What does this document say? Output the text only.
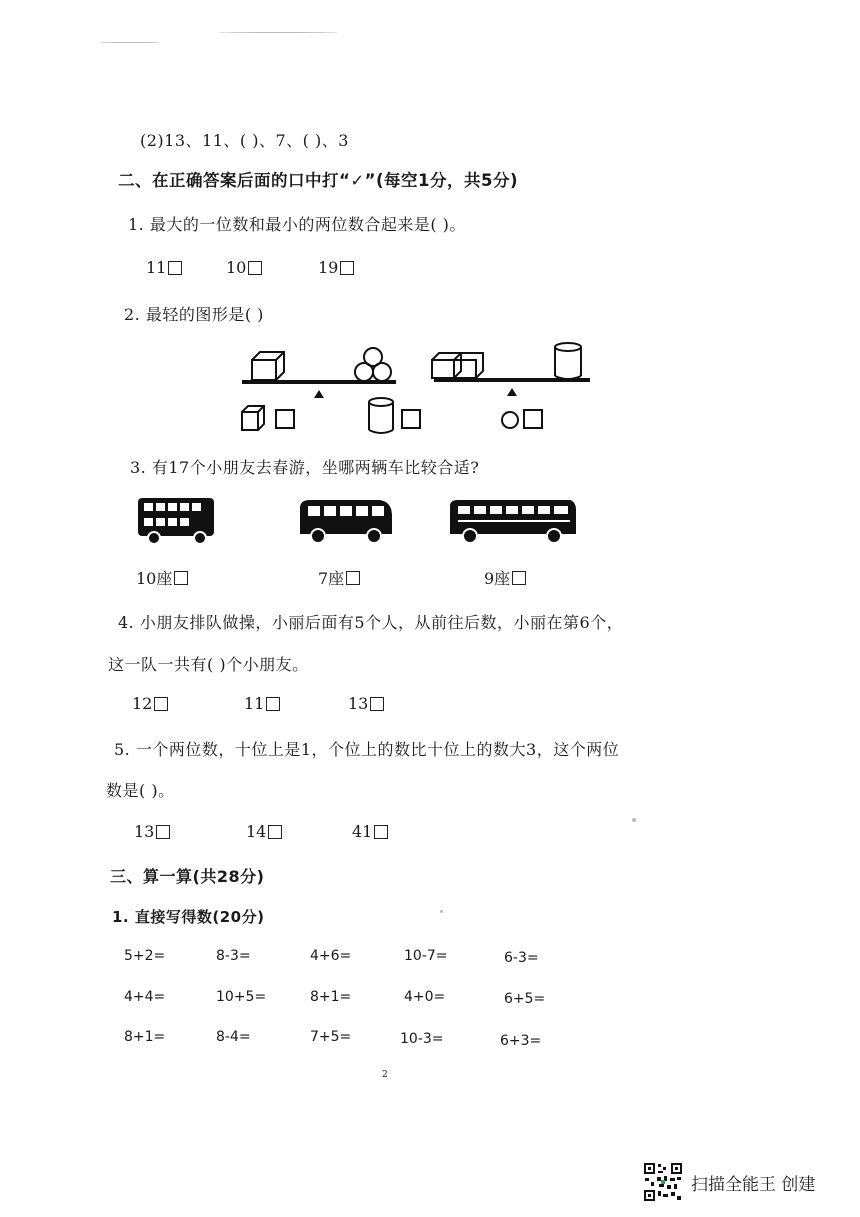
(2)13、11、( )、7、( )、3
二、在正确答案后面的口中打“✓”(每空1分，共5分)
1. 最大的一位数和最小的两位数合起来是( )。
11	10	19
2. 最轻的图形是( )
3. 有17个小朋友去春游，坐哪两辆车比较合适?
10座	7座	9座
4. 小朋友排队做操，小丽后面有5个人，从前往后数，小丽在第6个，
这一队一共有( )个小朋友。
12	11	13
5. 一个两位数，十位上是1，个位上的数比十位上的数大3，这个两位
数是( )。
13	14	41
三、算一算(共28分)
1. 直接写得数(20分)
5+2=	8-3=	4+6=	10-7=	6-3=
4+4=	10+5=	8+1=	4+0=	6+5=
8+1=	8-4=	7+5=	10-3=	6+3=
2
扫描全能王 创建
